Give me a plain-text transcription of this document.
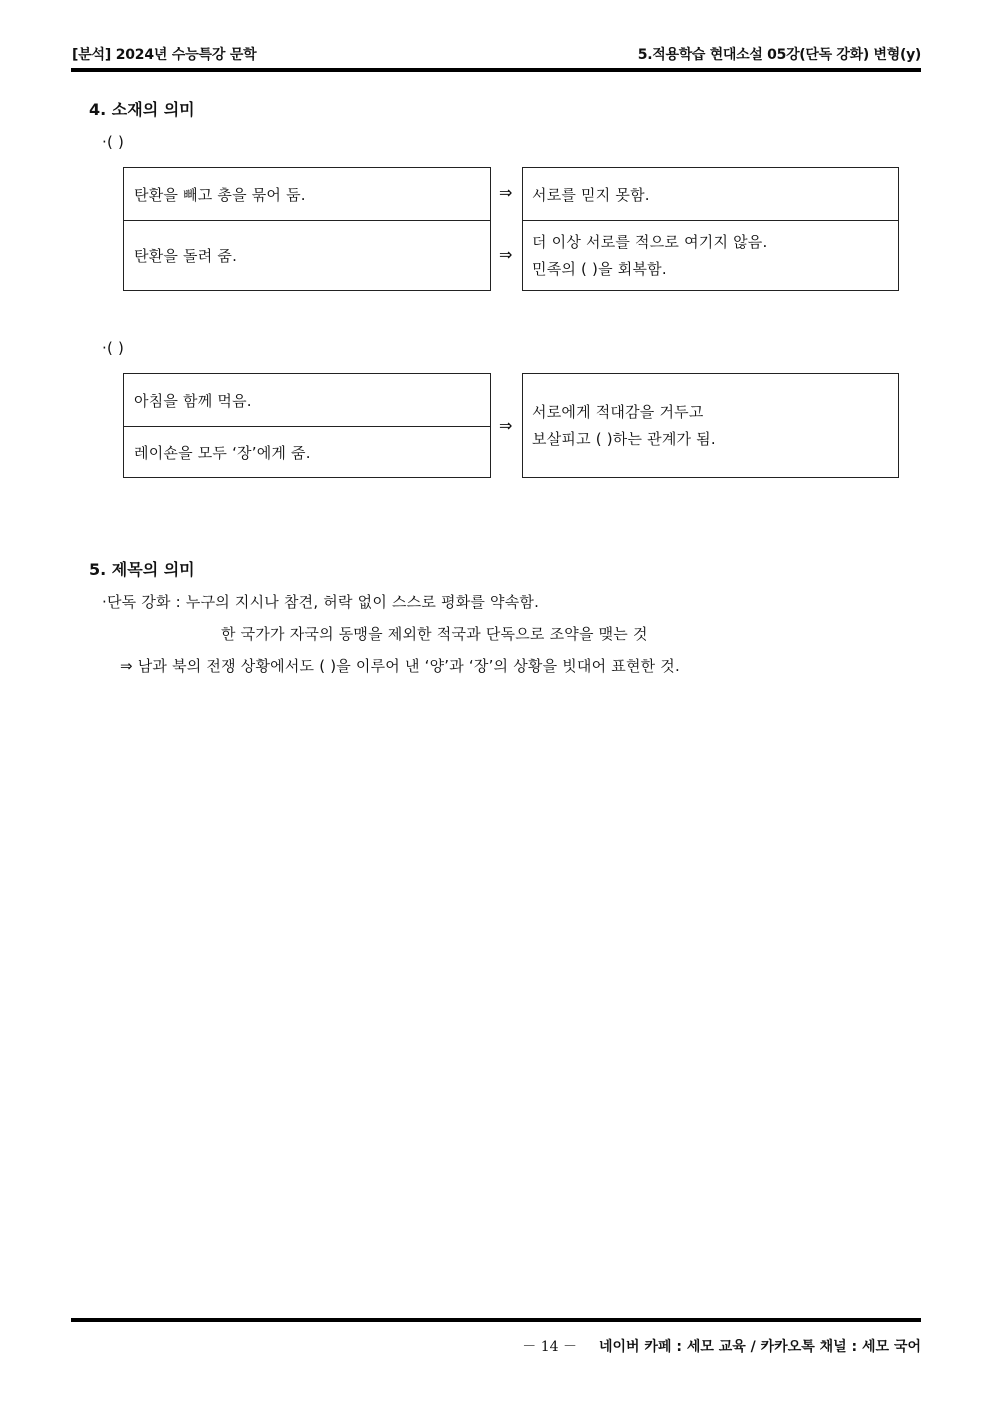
[분석] 2024년 수능특강 문학	5.적용학습 현대소설 05강(단독 강화) 변형(y)
4. 소재의 의미
·( )
탄환을 빼고 총을 묶어 둠.
탄환을 돌려 줌.
⇒
⇒
서로를 믿지 못함.
더 이상 서로를 적으로 여기지 않음.
민족의 ( )을 회복함.
·( )
아침을 함께 먹음.
레이숀을 모두 ‘장’에게 줌.
⇒
서로에게 적대감을 거두고
보살피고 ( )하는 관계가 됨.
5. 제목의 의미
·단독 강화 : 누구의 지시나 참견, 허락 없이 스스로 평화를 약속함.
한 국가가 자국의 동맹을 제외한 적국과 단독으로 조약을 맺는 것
⇒ 남과 북의 전쟁 상황에서도 ( )을 이루어 낸 ‘양’과 ‘장’의 상황을 빗대어 표현한 것.
－ 14 － 네이버 카페 : 세모 교육 / 카카오톡 채널 : 세모 국어
